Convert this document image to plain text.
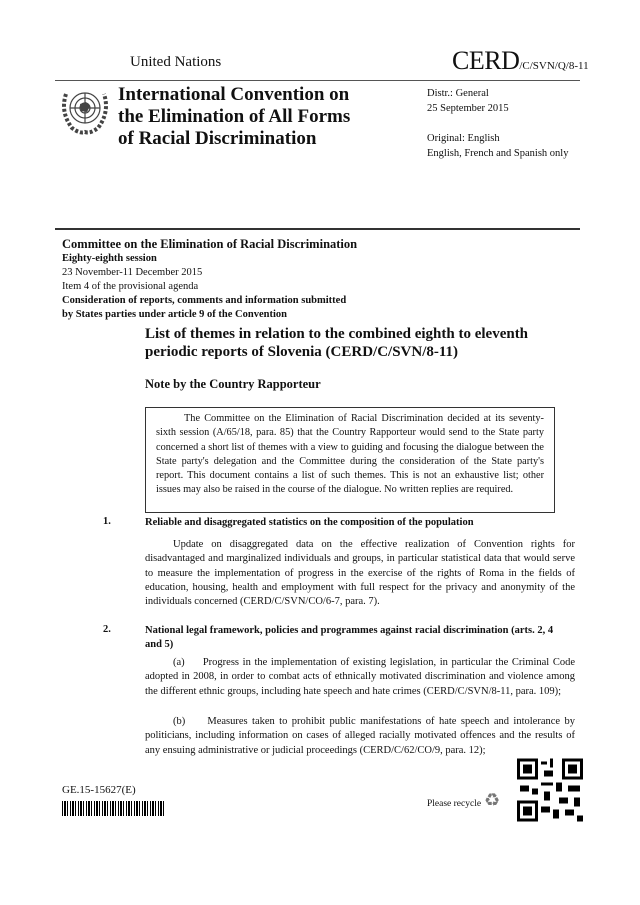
United Nations	CERD/C/SVN/Q/8-11
International Convention on
the Elimination of All Forms
of Racial Discrimination
Distr.: General
25 September 2015
Original: English
English, French and Spanish only
Committee on the Elimination of Racial Discrimination
Eighty-eighth session
23 November-11 December 2015
Item 4 of the provisional agenda
Consideration of reports, comments and information submitted
by States parties under article 9 of the Convention
List of themes in relation to the combined eighth to eleventh periodic reports of Slovenia (CERD/C/SVN/8-11)
Note by the Country Rapporteur
The Committee on the Elimination of Racial Discrimination decided at its seventy-sixth session (A/65/18, para. 85) that the Country Rapporteur would send to the State party concerned a short list of themes with a view to guiding and focusing the dialogue between the State party's delegation and the Committee during the consideration of the State party's report. This document contains a list of such themes. This is not an exhaustive list; other issues may also be raised in the course of the dialogue. No written replies are required.
1.	Reliable and disaggregated statistics on the composition of the population
Update on disaggregated data on the effective realization of Convention rights for disadvantaged and marginalized individuals and groups, in particular statistical data that would serve to measure the implementation of progress in the exercise of the rights of Roma in the fields of education, housing, health and employment with full respect for the privacy and anonymity of the individuals concerned (CERD/C/SVN/CO/6-7, para. 7).
2.	National legal framework, policies and programmes against racial discrimination (arts. 2, 4 and 5)
(a)     Progress in the implementation of existing legislation, in particular the Criminal Code adopted in 2008, in order to combat acts of ethnically motivated discrimination and violence among the different ethnic groups, including hate speech and hate crimes (CERD/C/SVN/8-11, para. 109);
(b)     Measures taken to prohibit public manifestations of hate speech and intolerance by politicians, including information on cases of alleged racially motivated offences and the results of any ensuing administrative or judicial proceedings (CERD/C/62/CO/9, para. 12);
GE.15-15627(E)
Please recycle ♻
